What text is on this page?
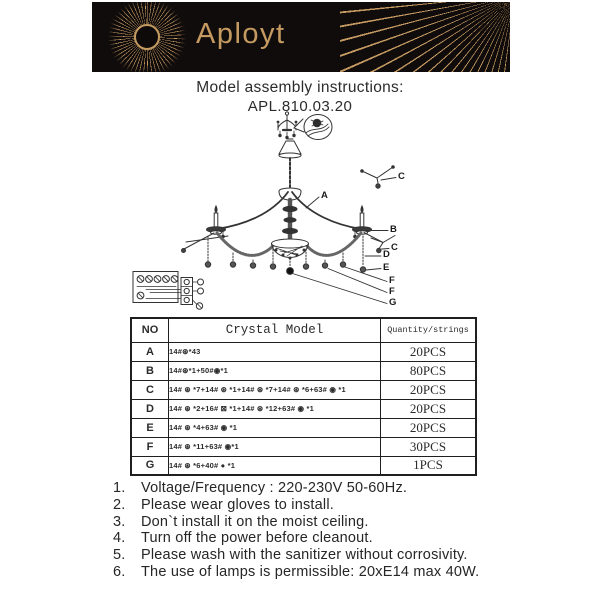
Aployt
Model assembly instructions:
APL.810.03.20
A
B
C
C
D
E
F
F
G
NO	Crystal Model	Quantity/strings
A	14#⊛*43	20PCS
B	14#⊛*1+50#◉*1	80PCS
C	14# ⊛ *7+14# ⊛ *1+14# ⊛ *7+14# ⊛ *6+63# ◉ *1	20PCS
D	14# ⊛ *2+16# ⊠ *1+14# ⊛ *12+63# ◉ *1	20PCS
E	14# ⊛ *4+63# ◉ *1	20PCS
F	14# ⊛ *11+63# ◉*1	30PCS
G	14# ⊛ *6+40# ● *1	1PCS
1.	Voltage/Frequency : 220-230V 50-60Hz.
2.	Please wear gloves to install.
3.	Don`t install it on the moist ceiling.
4.	Turn off the power before cleanout.
5.	Please wash with the sanitizer without corrosivity.
6.	The use of lamps is permissible: 20xE14 max 40W.
